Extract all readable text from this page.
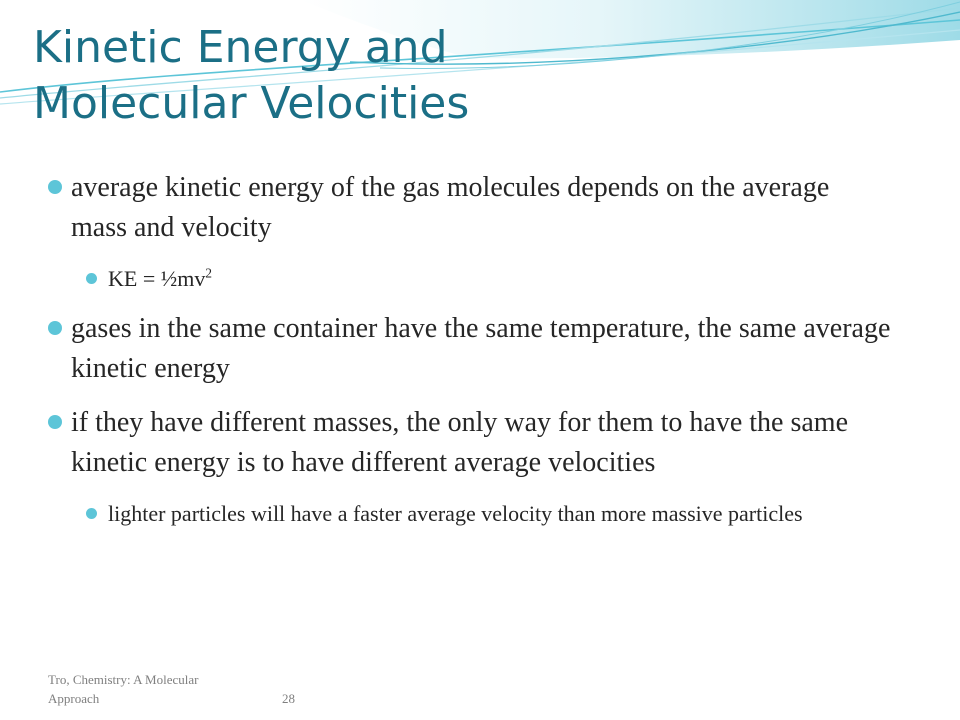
Kinetic Energy and
Molecular Velocities
average kinetic energy of the gas molecules depends on the average mass and velocity
KE = $\frac{1}{2}mv^2$
gases in the same container have the same temperature, the same average kinetic energy
if they have different masses, the only way for them to have the same kinetic energy is to have different average velocities
lighter particles will have a faster average velocity than more massive particles
Tro, Chemistry: A Molecular Approach	28
